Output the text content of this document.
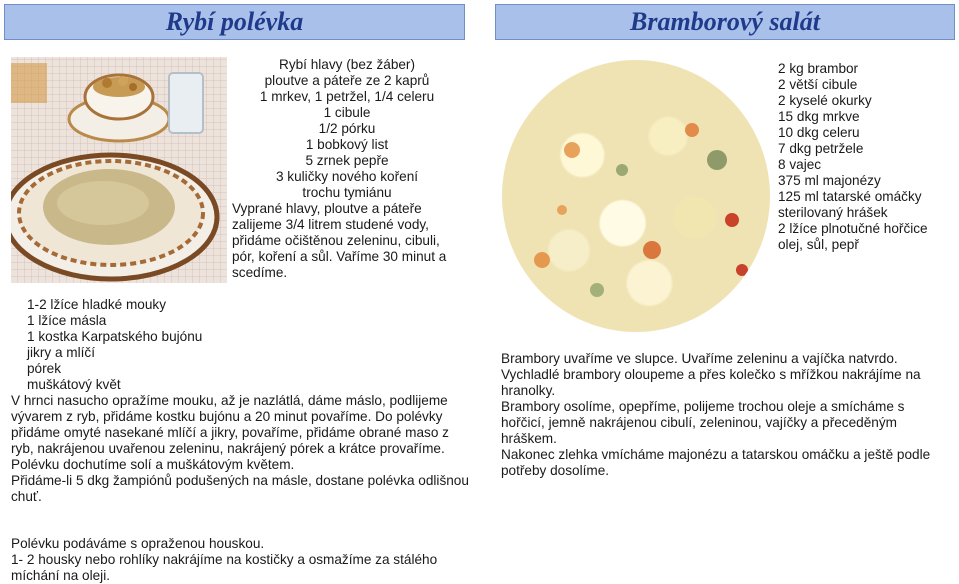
Rybí polévka	Bramborový salát
Rybí hlavy (bez žáber)
ploutve a páteře ze 2 kaprů
1 mrkev, 1 petržel, 1/4 celeru
1 cibule
1/2 pórku
1 bobkový list
5 zrnek pepře
3 kuličky nového koření
trochu tymiánu
Vyprané hlavy, ploutve a páteře zalijeme 3/4 litrem studené vody, přidáme očištěnou zeleninu, cibuli, pór, koření a sůl. Vaříme 30 minut a scedíme.
1-2 lžíce hladké mouky
1 lžíce másla
1 kostka Karpatského bujónu
jikry a mlíčí
pórek
muškátový květ
V hrnci nasucho opražíme mouku, až je nazlátlá, dáme máslo, podlijeme vývarem z ryb, přidáme kostku bujónu a 20 minut povaříme. Do polévky přidáme omyté nasekané mlíčí a jikry, povaříme, přidáme obrané maso z ryb, nakrájenou uvařenou zeleninu, nakrájený pórek a krátce provaříme.
Polévku dochutíme solí a muškátovým květem.
Přidáme-li 5 dkg žampiónů podušených na másle, dostane polévka odlišnou chuť.
Polévku podáváme s opraženou houskou.
1- 2 housky nebo rohlíky nakrájíme na kostičky a osmažíme za stálého míchání na oleji.
2 kg brambor
2 větší cibule
2 kyselé okurky
15 dkg mrkve
10 dkg celeru
7 dkg petržele
8 vajec
375 ml majonézy
125 ml tatarské omáčky
sterilovaný hrášek
2 lžíce plnotučné hořčice
olej, sůl, pepř
Brambory uvaříme ve slupce. Uvaříme zeleninu a vajíčka natvrdo.
Vychladlé brambory oloupeme a přes kolečko s mřížkou nakrájíme na hranolky.
Brambory osolíme, opepříme, polijeme trochou oleje a smícháme s hořčicí, jemně nakrájenou cibulí, zeleninou, vajíčky a přeceděným hráškem.
Nakonec zlehka vmícháme majonézu a tatarskou omáčku a ještě podle potřeby dosolíme.
